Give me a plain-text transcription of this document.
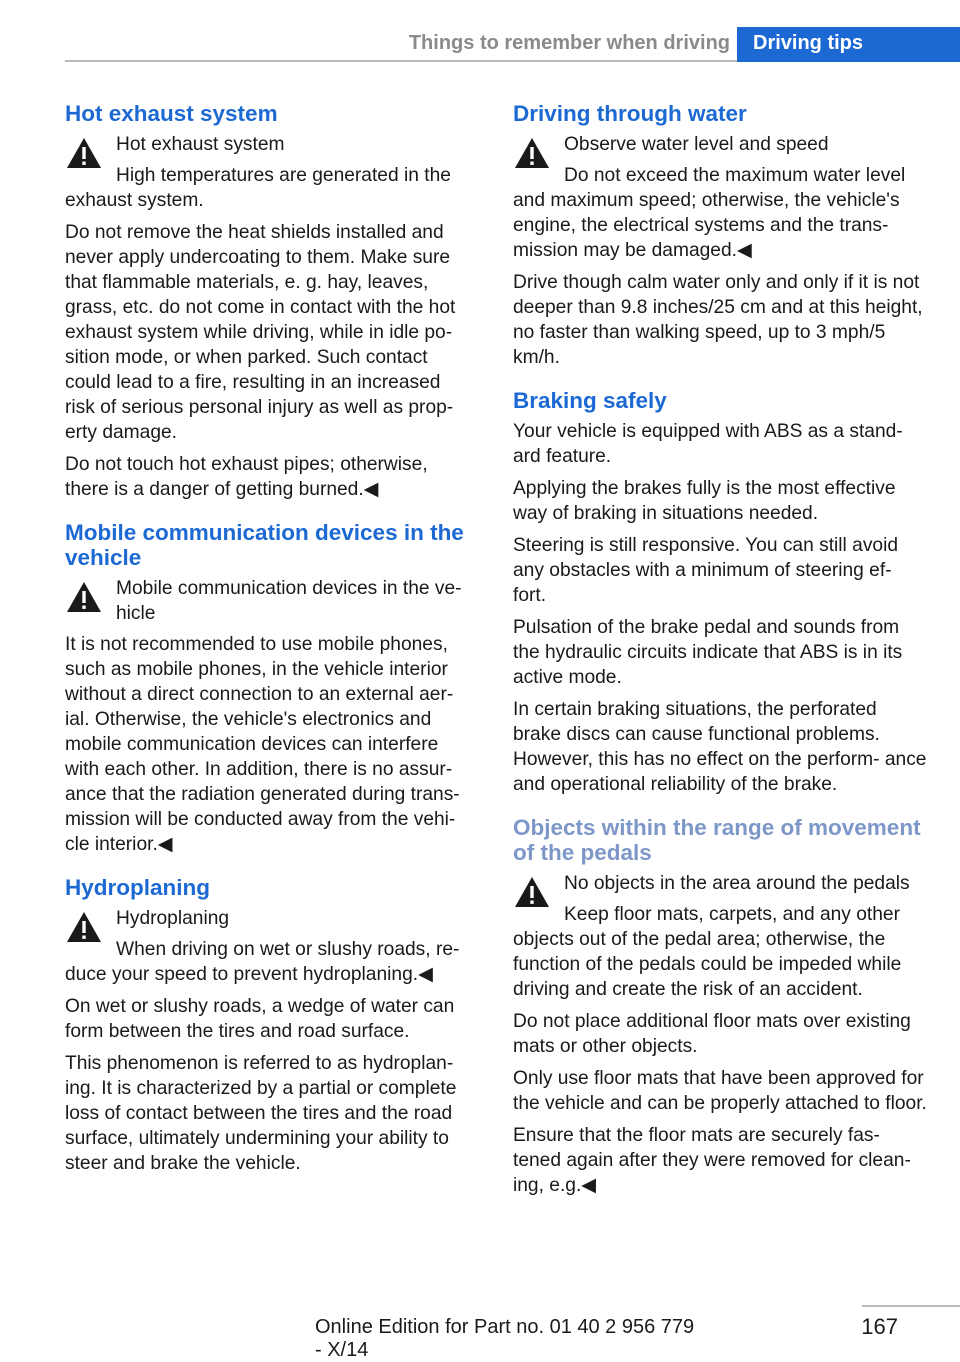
Things to remember when driving	Driving tips
Hot exhaust system

Hot exhaust system

High temperatures are generated in the

exhaust system.

Do not remove the heat shields installed and never apply undercoating to them. Make sure that flammable materials, e. g. hay, leaves, grass, etc. do not come in contact with the hot exhaust system while driving, while in idle po‐ sition mode, or when parked. Such contact could lead to a fire, resulting in an increased risk of serious personal injury as well as prop‐ erty damage.

Do not touch hot exhaust pipes; otherwise, there is a danger of getting burned.◀

Mobile communication devices in the vehicle

Mobile communication devices in the ve‐ hicle

It is not recommended to use mobile phones, such as mobile phones, in the vehicle interior without a direct connection to an external aer‐ ial. Otherwise, the vehicle's electronics and mobile communication devices can interfere with each other. In addition, there is no assur‐ ance that the radiation generated during trans‐ mission will be conducted away from the vehi‐ cle interior.◀

Hydroplaning

Hydroplaning

When driving on wet or slushy roads, re‐

duce your speed to prevent hydroplaning.◀

On wet or slushy roads, a wedge of water can form between the tires and road surface.

This phenomenon is referred to as hydroplan‐ ing. It is characterized by a partial or complete loss of contact between the tires and the road surface, ultimately undermining your ability to steer and brake the vehicle.

Driving through water

Observe water level and speed

Do not exceed the maximum water level

and maximum speed; otherwise, the vehicle's engine, the electrical systems and the trans‐ mission may be damaged.◀

Drive though calm water only and only if it is not deeper than 9.8 inches/25 cm and at this height, no faster than walking speed, up to 3 mph/5 km/h.

Braking safely

Your vehicle is equipped with ABS as a stand‐ ard feature.

Applying the brakes fully is the most effective way of braking in situations needed.

Steering is still responsive. You can still avoid any obstacles with a minimum of steering ef‐ fort.

Pulsation of the brake pedal and sounds from the hydraulic circuits indicate that ABS is in its active mode.

In certain braking situations, the perforated brake discs can cause functional problems. However, this has no effect on the perform‐ ance and operational reliability of the brake.

Objects within the range of movement of the pedals

No objects in the area around the pedals

Keep floor mats, carpets, and any other

objects out of the pedal area; otherwise, the function of the pedals could be impeded while driving and create the risk of an accident.

Do not place additional floor mats over existing mats or other objects.

Only use floor mats that have been approved for the vehicle and can be properly attached to floor.

Ensure that the floor mats are securely fas‐ tened again after they were removed for clean‐ ing, e.g.◀

167
Online Edition for Part no. 01 40 2 956 779 - X/14
